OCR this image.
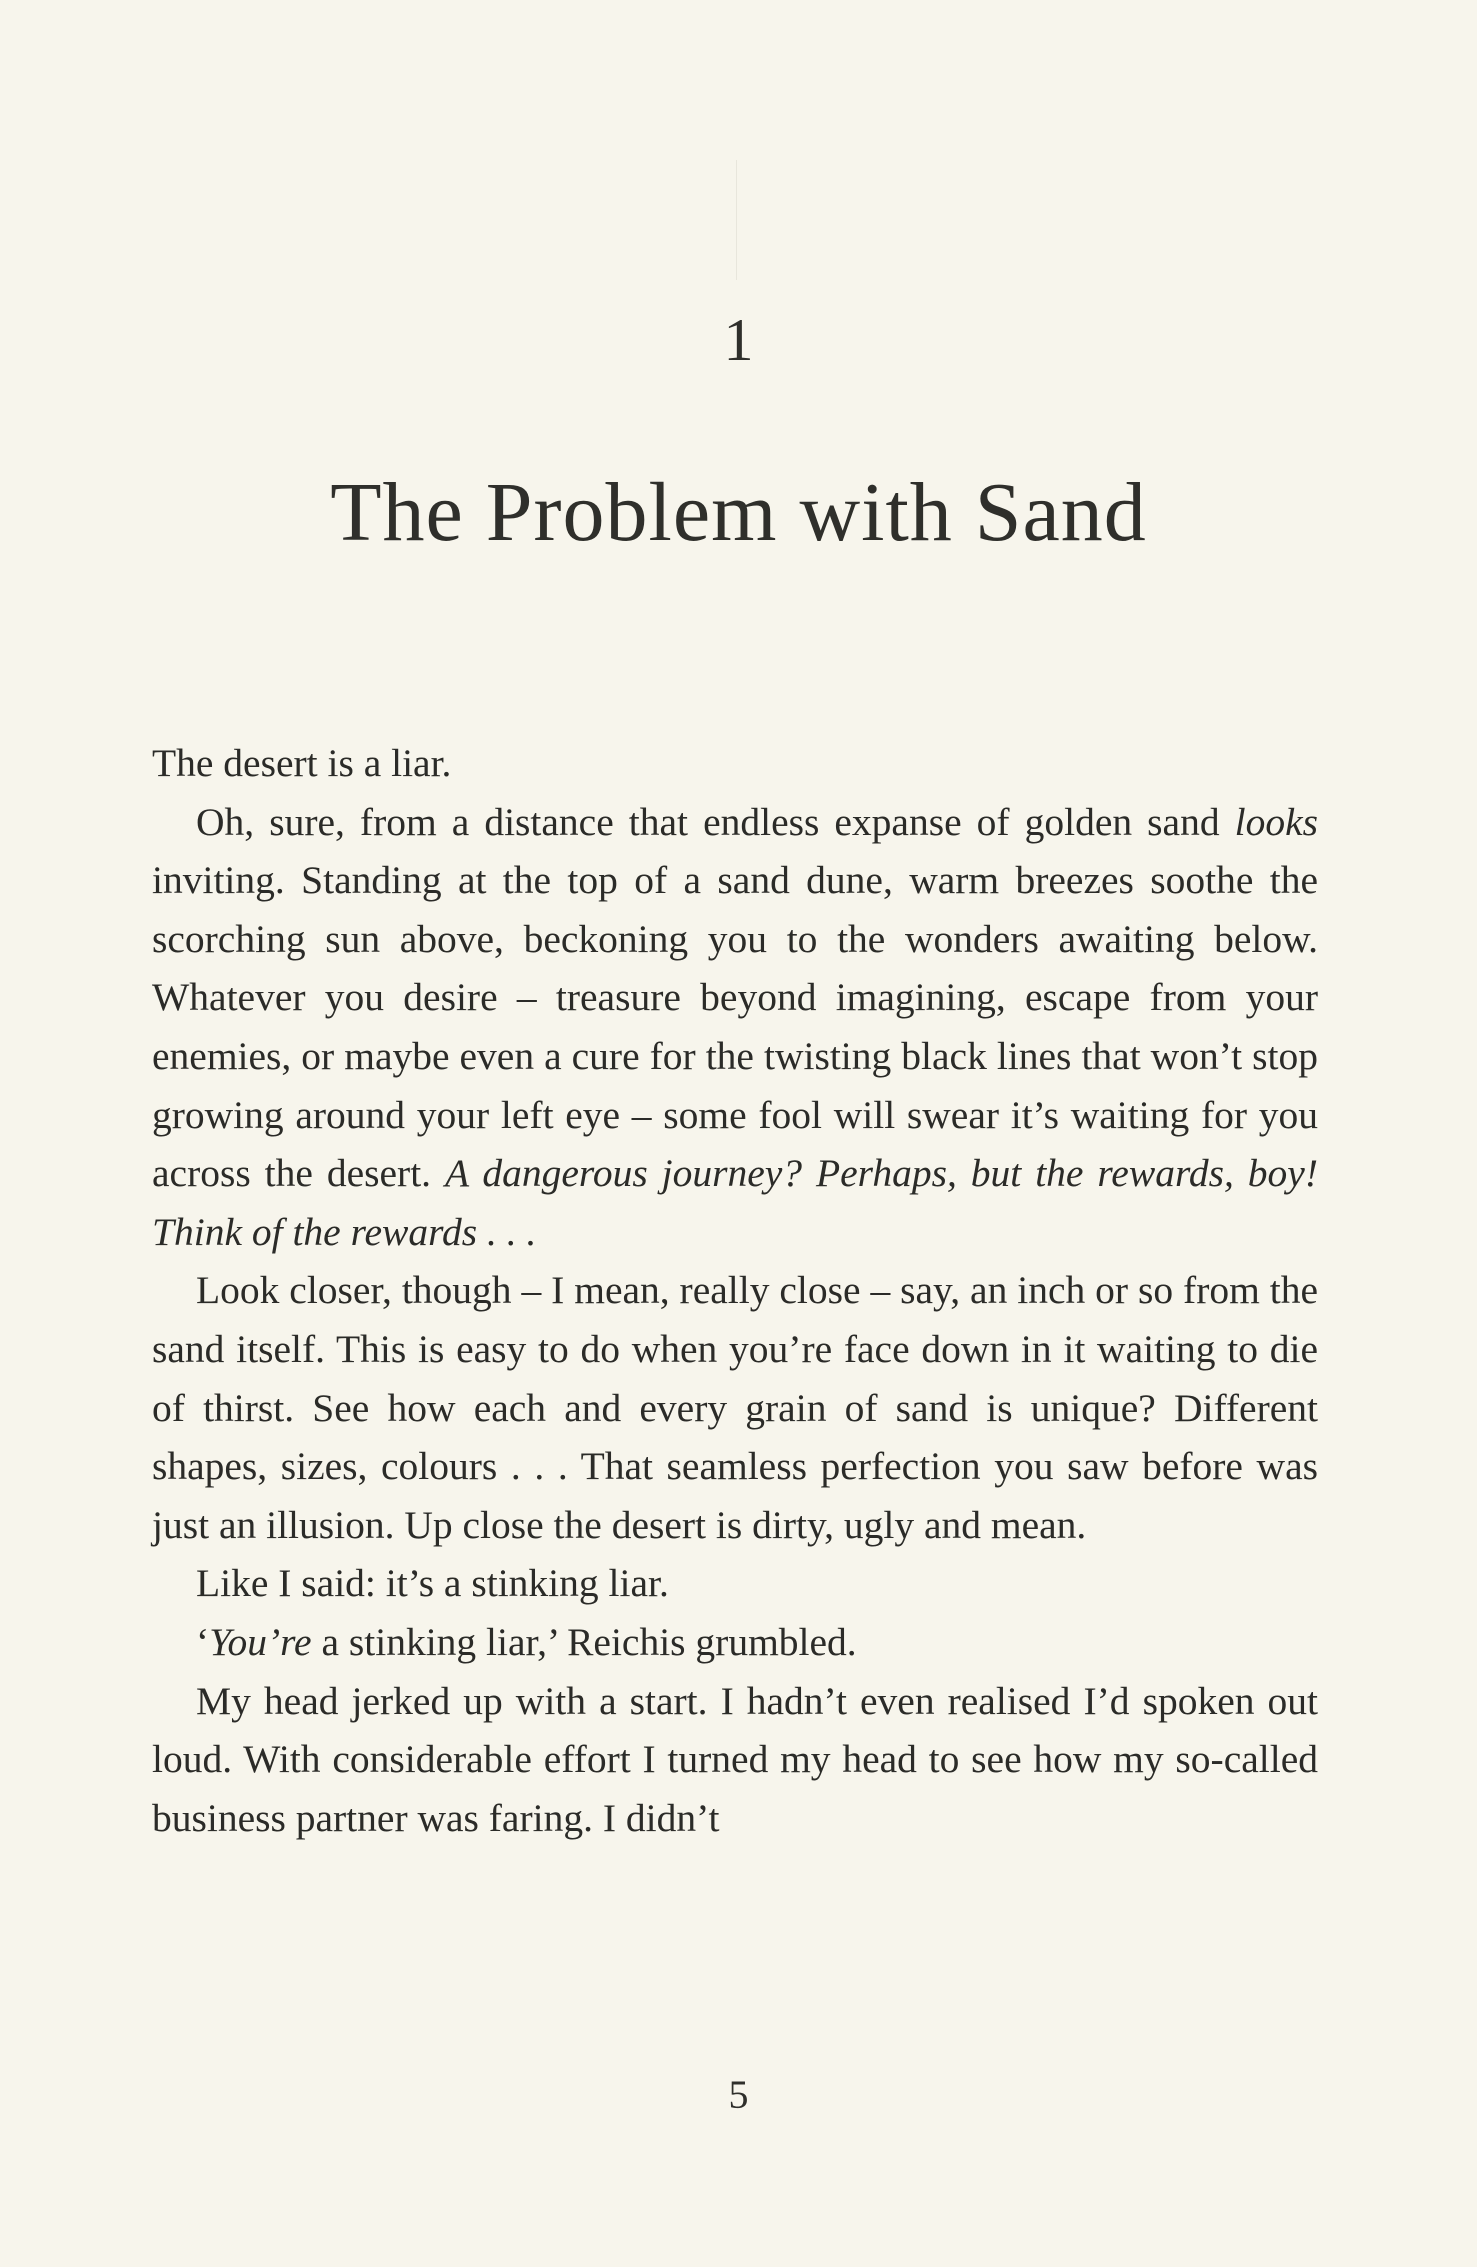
1
The Problem with Sand

The desert is a liar.

Oh, sure, from a distance that endless expanse of golden sand looks inviting. Standing at the top of a sand dune, warm breezes soothe the scorching sun above, beckoning you to the wonders awaiting below. Whatever you desire – treasure beyond imagining, escape from your enemies, or maybe even a cure for the twisting black lines that won’t stop growing around your left eye – some fool will swear it’s waiting for you across the desert. A dangerous journey? Perhaps, but the rewards, boy! Think of the rewards . . .

Look closer, though – I mean, really close – say, an inch or so from the sand itself. This is easy to do when you’re face down in it waiting to die of thirst. See how each and every grain of sand is unique? Different shapes, sizes, colours . . . That seamless perfection you saw before was just an illusion. Up close the desert is dirty, ugly and mean.

Like I said: it’s a stinking liar.

‘You’re a stinking liar,’ Reichis grumbled.

My head jerked up with a start. I hadn’t even realised I’d spoken out loud. With considerable effort I turned my head to see how my so-called business partner was faring. I didn’t

5
